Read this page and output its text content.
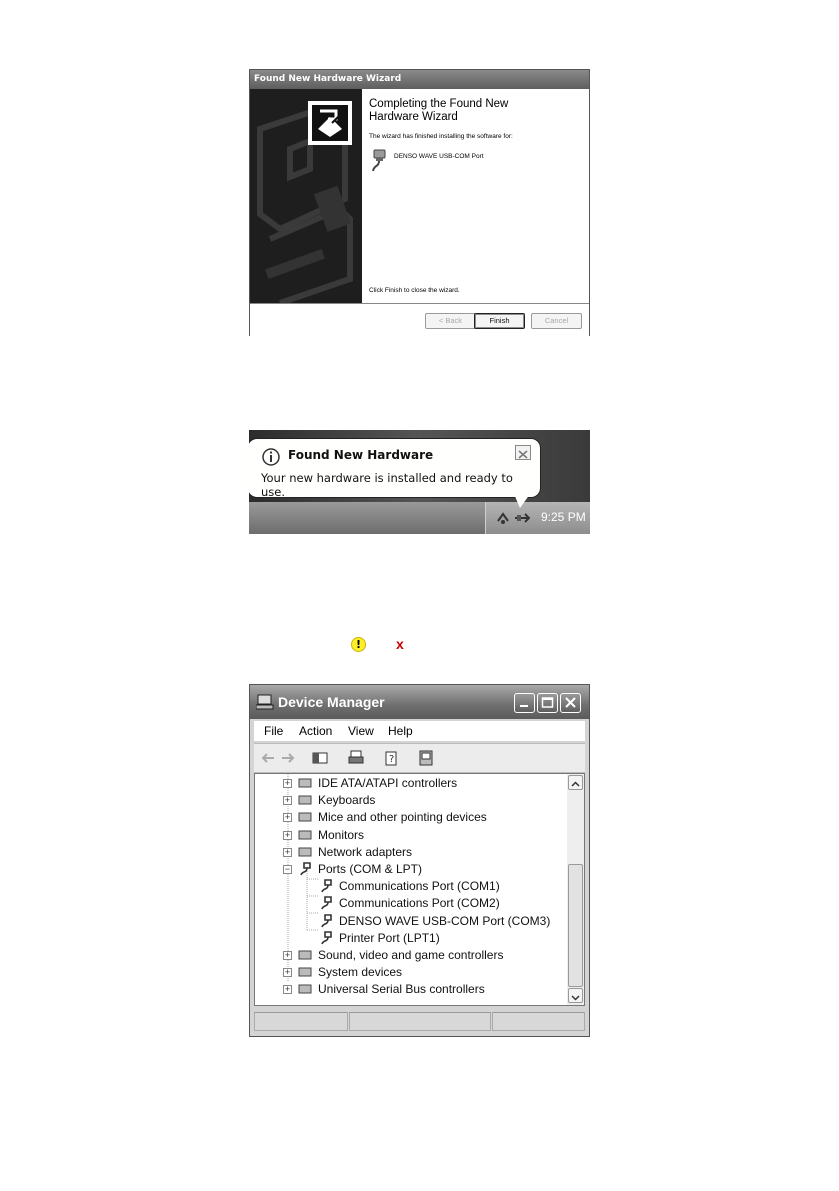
Found New Hardware Wizard
Completing the Found New
Hardware Wizard
The wizard has finished installing the software for:
DENSO WAVE USB-COM Port
Click Finish to close the wizard.
< Back	Finish	Cancel
9:25 PM
Found New Hardware
Your new hardware is installed and ready to use.
!	x
Device Manager
File Action View Help
?
+ IDE ATA/ATAPI controllers
+ Keyboards
+ Mice and other pointing devices
+ Monitors
+ Network adapters
− Ports (COM & LPT)
Communications Port (COM1)
Communications Port (COM2)
DENSO WAVE USB-COM Port (COM3)
Printer Port (LPT1)
+ Sound, video and game controllers
+ System devices
+ Universal Serial Bus controllers
